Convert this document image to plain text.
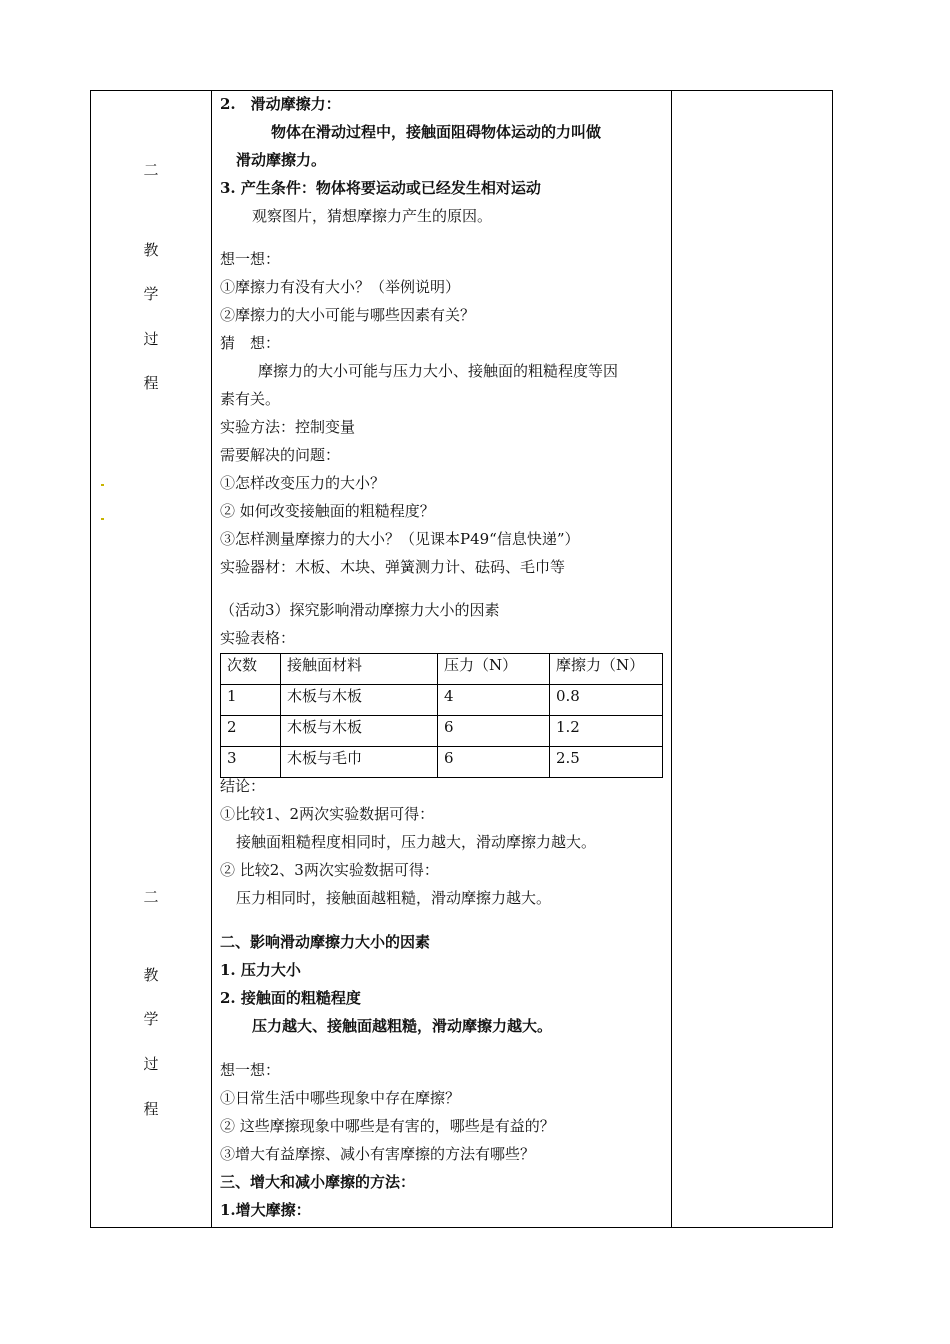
二
教
学
过
程
二
教
学
过
程
2.　滑动摩擦力：
物体在滑动过程中，接触面阻碍物体运动的力叫做
滑动摩擦力。
3. 产生条件：物体将要运动或已经发生相对运动
观察图片，猜想摩擦力产生的原因。
想一想：
①摩擦力有没有大小？（举例说明）
②摩擦力的大小可能与哪些因素有关？
猜　想：
摩擦力的大小可能与压力大小、接触面的粗糙程度等因
素有关。
实验方法：控制变量
需要解决的问题：
①怎样改变压力的大小？
② 如何改变接触面的粗糙程度？
③怎样测量摩擦力的大小？（见课本P49“信息快递”）
实验器材：木板、木块、弹簧测力计、砝码、毛巾等
（活动3）探究影响滑动摩擦力大小的因素
实验表格：
次数	接触面材料	压力（N）	摩擦力（N）
1	木板与木板	4	0.8
2	木板与木板	6	1.2
3	木板与毛巾	6	2.5
结论：
①比较1、2两次实验数据可得：
接触面粗糙程度相同时，压力越大，滑动摩擦力越大。
② 比较2、3两次实验数据可得：
压力相同时，接触面越粗糙，滑动摩擦力越大。
二、影响滑动摩擦力大小的因素
1. 压力大小
2. 接触面的粗糙程度
压力越大、接触面越粗糙，滑动摩擦力越大。
想一想：
①日常生活中哪些现象中存在摩擦？
② 这些摩擦现象中哪些是有害的，哪些是有益的？
③增大有益摩擦、减小有害摩擦的方法有哪些？
三、增大和减小摩擦的方法：
1.增大摩擦：
